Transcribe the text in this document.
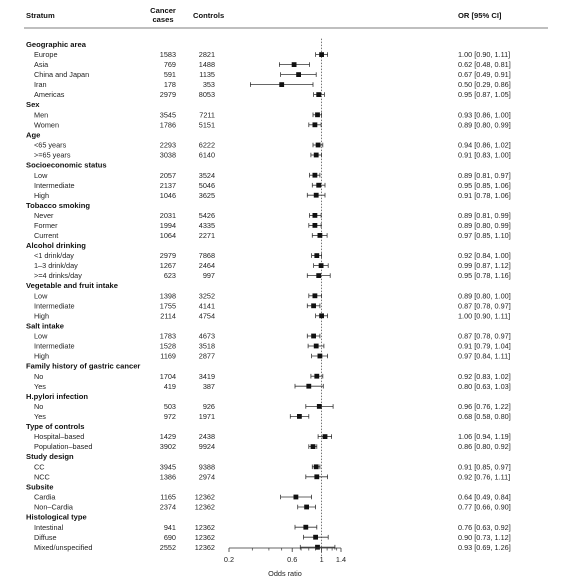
Stratum
Cancer
cases	Controls	OR [95% CI]
Geographic area
Europe	1583	2821	1.00 [0.90, 1.11]
Asia	769	1488	0.62 [0.48, 0.81]
China and Japan	591	1135	0.67 [0.49, 0.91]
Iran	178	353	0.50 [0.29, 0.86]
Americas	2979	8053	0.95 [0.87, 1.05]
Sex
Men	3545	7211	0.93 [0.86, 1.00]
Women	1786	5151	0.89 [0.80, 0.99]
Age
<65 years	2293	6222	0.94 [0.86, 1.02]
>=65 years	3038	6140	0.91 [0.83, 1.00]
Socioeconomic status
Low	2057	3524	0.89 [0.81, 0.97]
Intermediate	2137	5046	0.95 [0.85, 1.06]
High	1046	3625	0.91 [0.78, 1.06]
Tobacco smoking
Never	2031	5426	0.89 [0.81, 0.99]
Former	1994	4335	0.89 [0.80, 0.99]
Current	1064	2271	0.97 [0.85, 1.10]
Alcohol drinking
<1 drink/day	2979	7868	0.92 [0.84, 1.00]
1–3 drink/day	1267	2464	0.99 [0.87, 1.12]
>=4 drinks/day	623	997	0.95 [0.78, 1.16]
Vegetable and fruit intake
Low	1398	3252	0.89 [0.80, 1.00]
Intermediate	1755	4141	0.87 [0.78, 0.97]
High	2114	4754	1.00 [0.90, 1.11]
Salt intake
Low	1783	4673	0.87 [0.78, 0.97]
Intermediate	1528	3518	0.91 [0.79, 1.04]
High	1169	2877	0.97 [0.84, 1.11]
Family history of gastric cancer
No	1704	3419	0.92 [0.83, 1.02]
Yes	419	387	0.80 [0.63, 1.03]
H.pylori infection
No	503	926	0.96 [0.76, 1.22]
Yes	972	1971	0.68 [0.58, 0.80]
Type of controls
Hospital–based	1429	2438	1.06 [0.94, 1.19]
Population–based	3902	9924	0.86 [0.80, 0.92]
Study design
CC	3945	9388	0.91 [0.85, 0.97]
NCC	1386	2974	0.92 [0.76, 1.11]
Subsite
Cardia	1165	12362	0.64 [0.49, 0.84]
Non–Cardia	2374	12362	0.77 [0.66, 0.90]
Histological type
Intestinal	941	12362	0.76 [0.63, 0.92]
Diffuse	690	12362	0.90 [0.73, 1.12]
Mixed/unspecified	2552	12362	0.93 [0.69, 1.26]
0.2	0.6	1 1.4
Odds ratio
